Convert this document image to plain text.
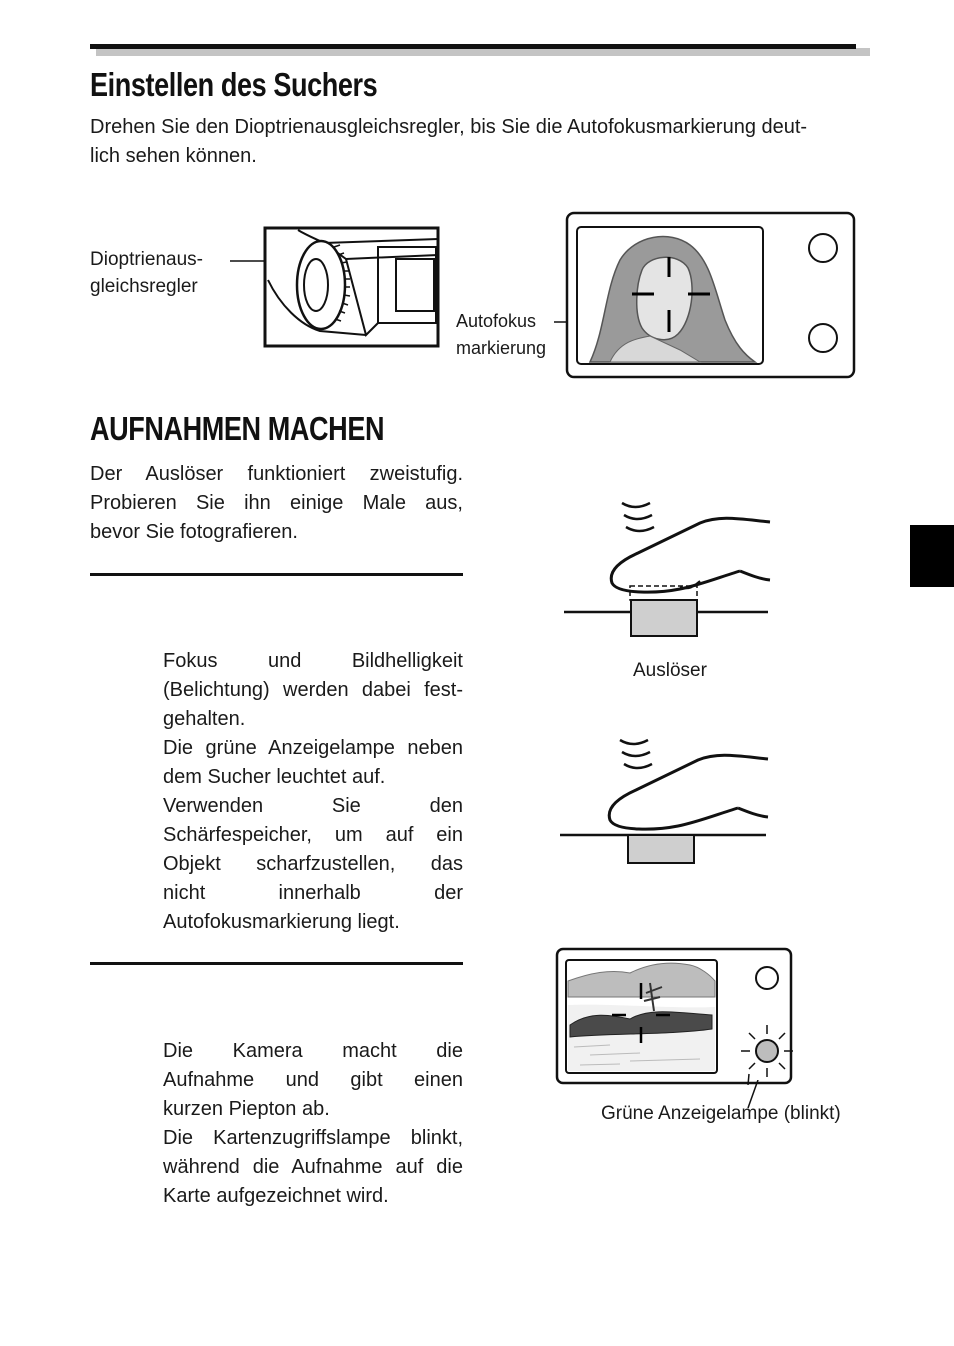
Einstellen des Suchers

Drehen Sie den Dioptrienausgleichsregler, bis Sie die Autofokusmarkierung deut-

lich sehen können.

Dioptrienaus-

gleichsregler

Autofokus

markierung

AUFNAHMEN MACHEN

Der Auslöser funktioniert zweistufig.

Probieren Sie ihn einige Male aus,

bevor Sie fotografieren.

Fokus und Bildhelligkeit

(Belichtung) werden dabei fest-

gehalten.

Die grüne Anzeigelampe neben

dem Sucher leuchtet auf.

Verwenden Sie den

Schärfespeicher, um auf ein

Objekt scharfzustellen, das

nicht innerhalb der

Autofokusmarkierung liegt.

Die Kamera macht die

Aufnahme und gibt einen

kurzen Piepton ab.

Die Kartenzugriffslampe blinkt,

während die Aufnahme auf die

Karte aufgezeichnet wird.

Auslöser
Grüne Anzeigelampe (blinkt)
